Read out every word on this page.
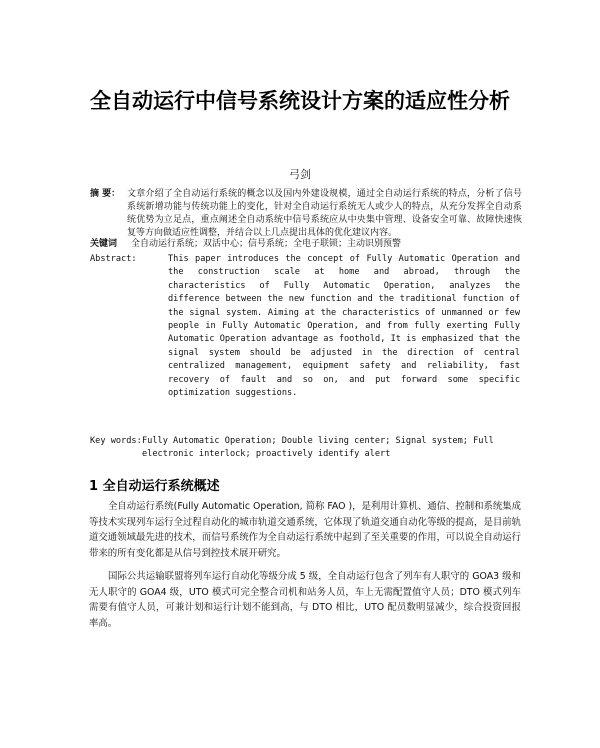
全自动运行中信号系统设计方案的适应性分析
弓剑
摘 要： 文章介绍了全自动运行系统的概念以及国内外建设规模，通过全自动运行系统的特点，分析了信号系统新增功能与传统功能上的变化，针对全自动运行系统无人或少人的特点，从充分发挥全自动系统优势为立足点，重点阐述全自动系统中信号系统应从中央集中管理、设备安全可靠、故障快速恢复等方向做适应性调整，并结合以上几点提出具体的优化建议内容。
关键词 全自动运行系统；双活中心；信号系统；全电子联锁；主动识别预警
Abstract:	This paper introduces the concept of Fully Automatic Operation and the construction scale at home and abroad, through the characteristics of Fully Automatic Operation, analyzes the difference between the new function and the traditional function of the signal system. Aiming at the characteristics of unmanned or few people in Fully Automatic Operation, and from fully exerting Fully Automatic Operation advantage as foothold, It is emphasized that the signal system should be adjusted in the direction of central centralized management, equipment safety and reliability, fast recovery of fault and so on, and put forward some specific optimization suggestions.
Key words: Fully Automatic Operation; Double living center; Signal system; Full electronic interlock; proactively identify alert
1 全自动运行系统概述
全自动运行系统(Fully Automatic Operation, 简称 FAO )，是利用计算机、通信、控制和系统集成等技术实现列车运行全过程自动化的城市轨道交通系统，它体现了轨道交通自动化等级的提高，是目前轨道交通领域最先进的技术，而信号系统作为全自动运行系统中起到了至关重要的作用，可以说全自动运行带来的所有变化都是从信号到控技术展开研究。
国际公共运输联盟将列车运行自动化等级分成 5 级，全自动运行包含了列车有人职守的 GOA3 级和无人职守的 GOA4 级，UTO 模式可完全整合司机和站务人员，车上无需配置值守人员；DTO 模式列车需要有值守人员，可兼计划和运行计划不能到高，与 DTO 相比，UTO 配员数明显减少，综合投资回报率高。
